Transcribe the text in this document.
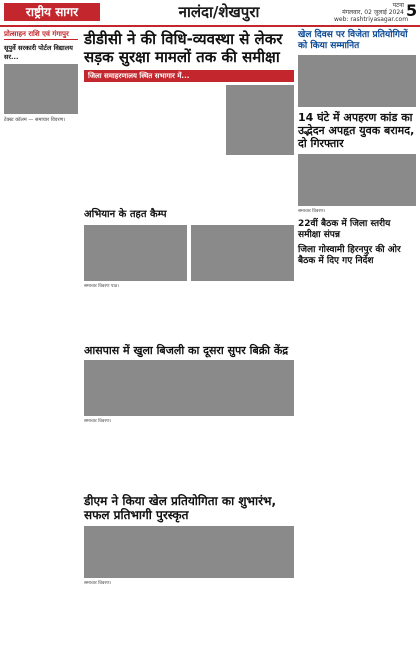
राष्ट्रीय सागर	नालंदा/शेखपुरा	पटना
मंगलवार, 02 जुलाई 2024
web: rashtriyasagar.com
5
प्रोत्साहन राशि एवं गंगापुर
सूपुर्वे सरकारी पोर्टल विद्यालय सर...
टेक्स्ट कॉलम — समाचार विवरण।
डीडीसी ने की विधि-व्यवस्था से लेकर सड़क सुरक्षा मामलों तक की समीक्षा
जिला समाहरणालय स्थित सभागार में...
अभियान के तहत कैम्प
समाचार विवरण पाठ।
आसपास में खुला बिजली का दूसरा सुपर बिक्री केंद्र
समाचार विवरण।
खेल दिवस पर विजेता प्रतियोगियों को किया सम्मानित
14 घंटे में अपहरण कांड का उद्भेदन अपहृत युवक बरामद, दो गिरफ्तार
समाचार विवरण।
22वीं बैठक में जिला स्तरीय समीक्षा संपन्न
जिला गोस्वामी हिरनपुर की ओर बैठक में दिए गए निर्देश
डीएम ने किया खेल प्रतियोगिता का शुभारंभ, सफल प्रतिभागी पुरस्कृत
समाचार विवरण।
